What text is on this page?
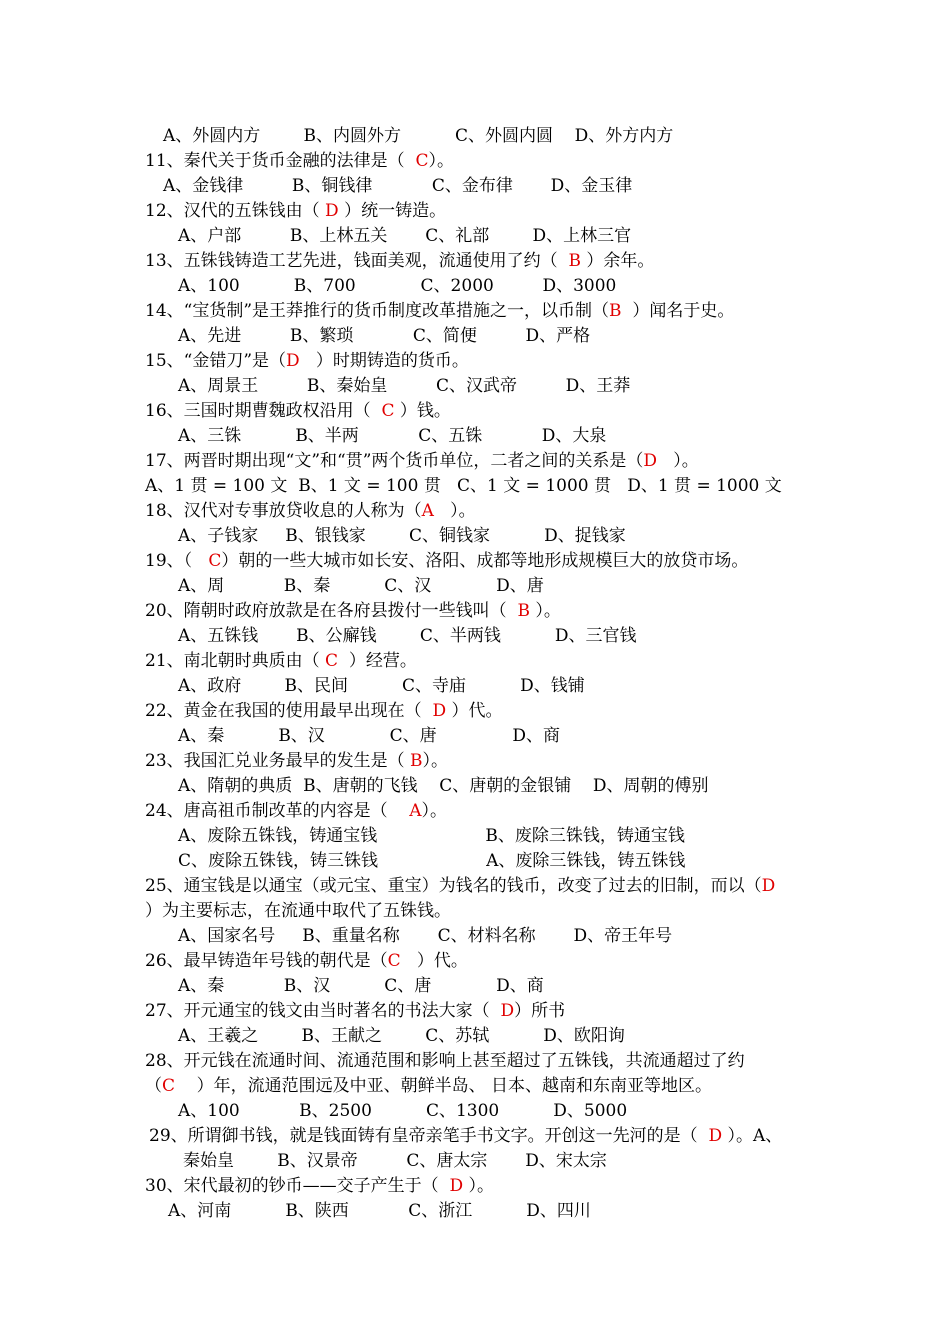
A、外圆内方        B、内圆外方          C、外圆内圆    D、外方内方
11、秦代关于货币金融的法律是（  C）。
A、金钱律         B、铜钱律           C、金布律       D、金玉律
12、汉代的五铢钱由（ D ）统一铸造。
A、户部         B、上林五关       C、礼部        D、上林三官
13、五铢钱铸造工艺先进，钱面美观，流通使用了约（  B ）余年。
A、100          B、700            C、2000         D、3000
14、“宝货制”是王莽推行的货币制度改革措施之一，以币制（B  ）闻名于史。
A、先进         B、繁琐           C、简便         D、严格
15、“金错刀”是（D   ）时期铸造的货币。
A、周景王         B、秦始皇         C、汉武帝         D、王莽
16、三国时期曹魏政权沿用（  C ）钱。
A、三铢          B、半两           C、五铢           D、大泉
17、两晋时期出现“文”和“贯”两个货币单位，二者之间的关系是（D   ）。
A、1 贯 = 100 文  B、1 文 = 100 贯   C、1 文 = 1000 贯   D、1 贯 = 1000 文
18、汉代对专事放贷收息的人称为（A   ）。
A、子钱家     B、银钱家        C、铜钱家          D、捉钱家
19、（   C）朝的一些大城市如长安、洛阳、成都等地形成规模巨大的放贷市场。
A、周           B、秦          C、汉            D、唐
20、隋朝时政府放款是在各府县拨付一些钱叫（  B ）。
A、五铢钱       B、公廨钱        C、半两钱          D、三官钱
21、南北朝时典质由（ C  ）经营。
A、政府        B、民间          C、寺庙          D、钱铺
22、黄金在我国的使用最早出现在（  D ）代。
A、秦          B、汉            C、唐              D、商
23、我国汇兑业务最早的发生是（ B）。
A、隋朝的典质  B、唐朝的飞钱    C、唐朝的金银铺    D、周朝的傅别
24、唐高祖币制改革的内容是（    A）。
A、废除五铢钱，铸通宝钱                    B、废除三铢钱，铸通宝钱
C、废除五铢钱，铸三铢钱                    A、废除三铢钱，铸五铢钱
25、通宝钱是以通宝（或元宝、重宝）为钱名的钱币，改变了过去的旧制，而以（D
）为主要标志，在流通中取代了五铢钱。
A、国家名号     B、重量名称       C、材料名称       D、帝王年号
26、最早铸造年号钱的朝代是（C   ）代。
A、秦           B、汉          C、唐            D、商
27、开元通宝的钱文由当时著名的书法大家（  D）所书
A、王羲之        B、王献之        C、苏轼          D、欧阳询
28、开元钱在流通时间、流通范围和影响上甚至超过了五铢钱，共流通超过了约
（C    ）年，流通范围远及中亚、朝鲜半岛、 日本、越南和东南亚等地区。
A、100           B、2500          C、1300          D、5000
29、所谓御书钱，就是钱面铸有皇帝亲笔手书文字。开创这一先河的是（  D ）。A、
秦始皇        B、汉景帝         C、唐太宗       D、宋太宗
30、宋代最初的钞币——交子产生于（  D ）。
A、河南          B、陕西           C、浙江          D、四川
